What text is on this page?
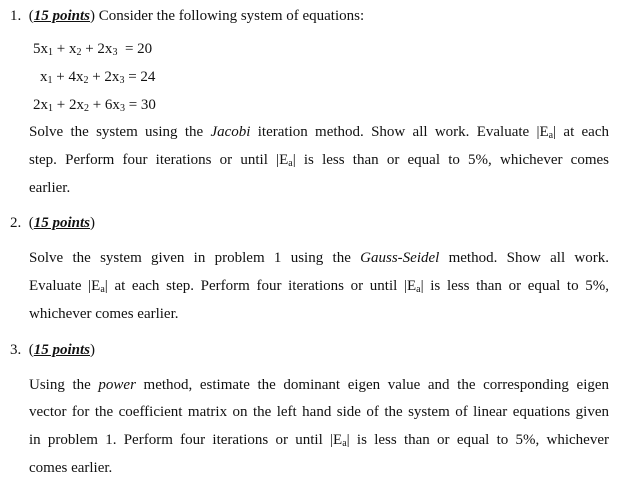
1.  (15 points) Consider the following system of equations:
$5x_1 + x_2 + 2x_3 = 20$
$x_1 + 4x_2 + 2x_3 = 24$
$2x_1 + 2x_2 + 6x_3 = 30$
Solve the system using the Jacobi iteration method. Show all work. Evaluate $|E_a|$ at each
step. Perform four iterations or until $|E_a|$ is less than or equal to 5%, whichever comes
earlier.
2.  (15 points)
Solve the system given in problem 1 using the Gauss-Seidel method. Show all work.
Evaluate $|E_a|$ at each step. Perform four iterations or until $|E_a|$ is less than or equal to 5%,
whichever comes earlier.
3.  (15 points)
Using the power method, estimate the dominant eigen value and the corresponding eigen
vector for the coefficient matrix on the left hand side of the system of linear equations given
in problem 1. Perform four iterations or until $|E_a|$ is less than or equal to 5%, whichever
comes earlier.
